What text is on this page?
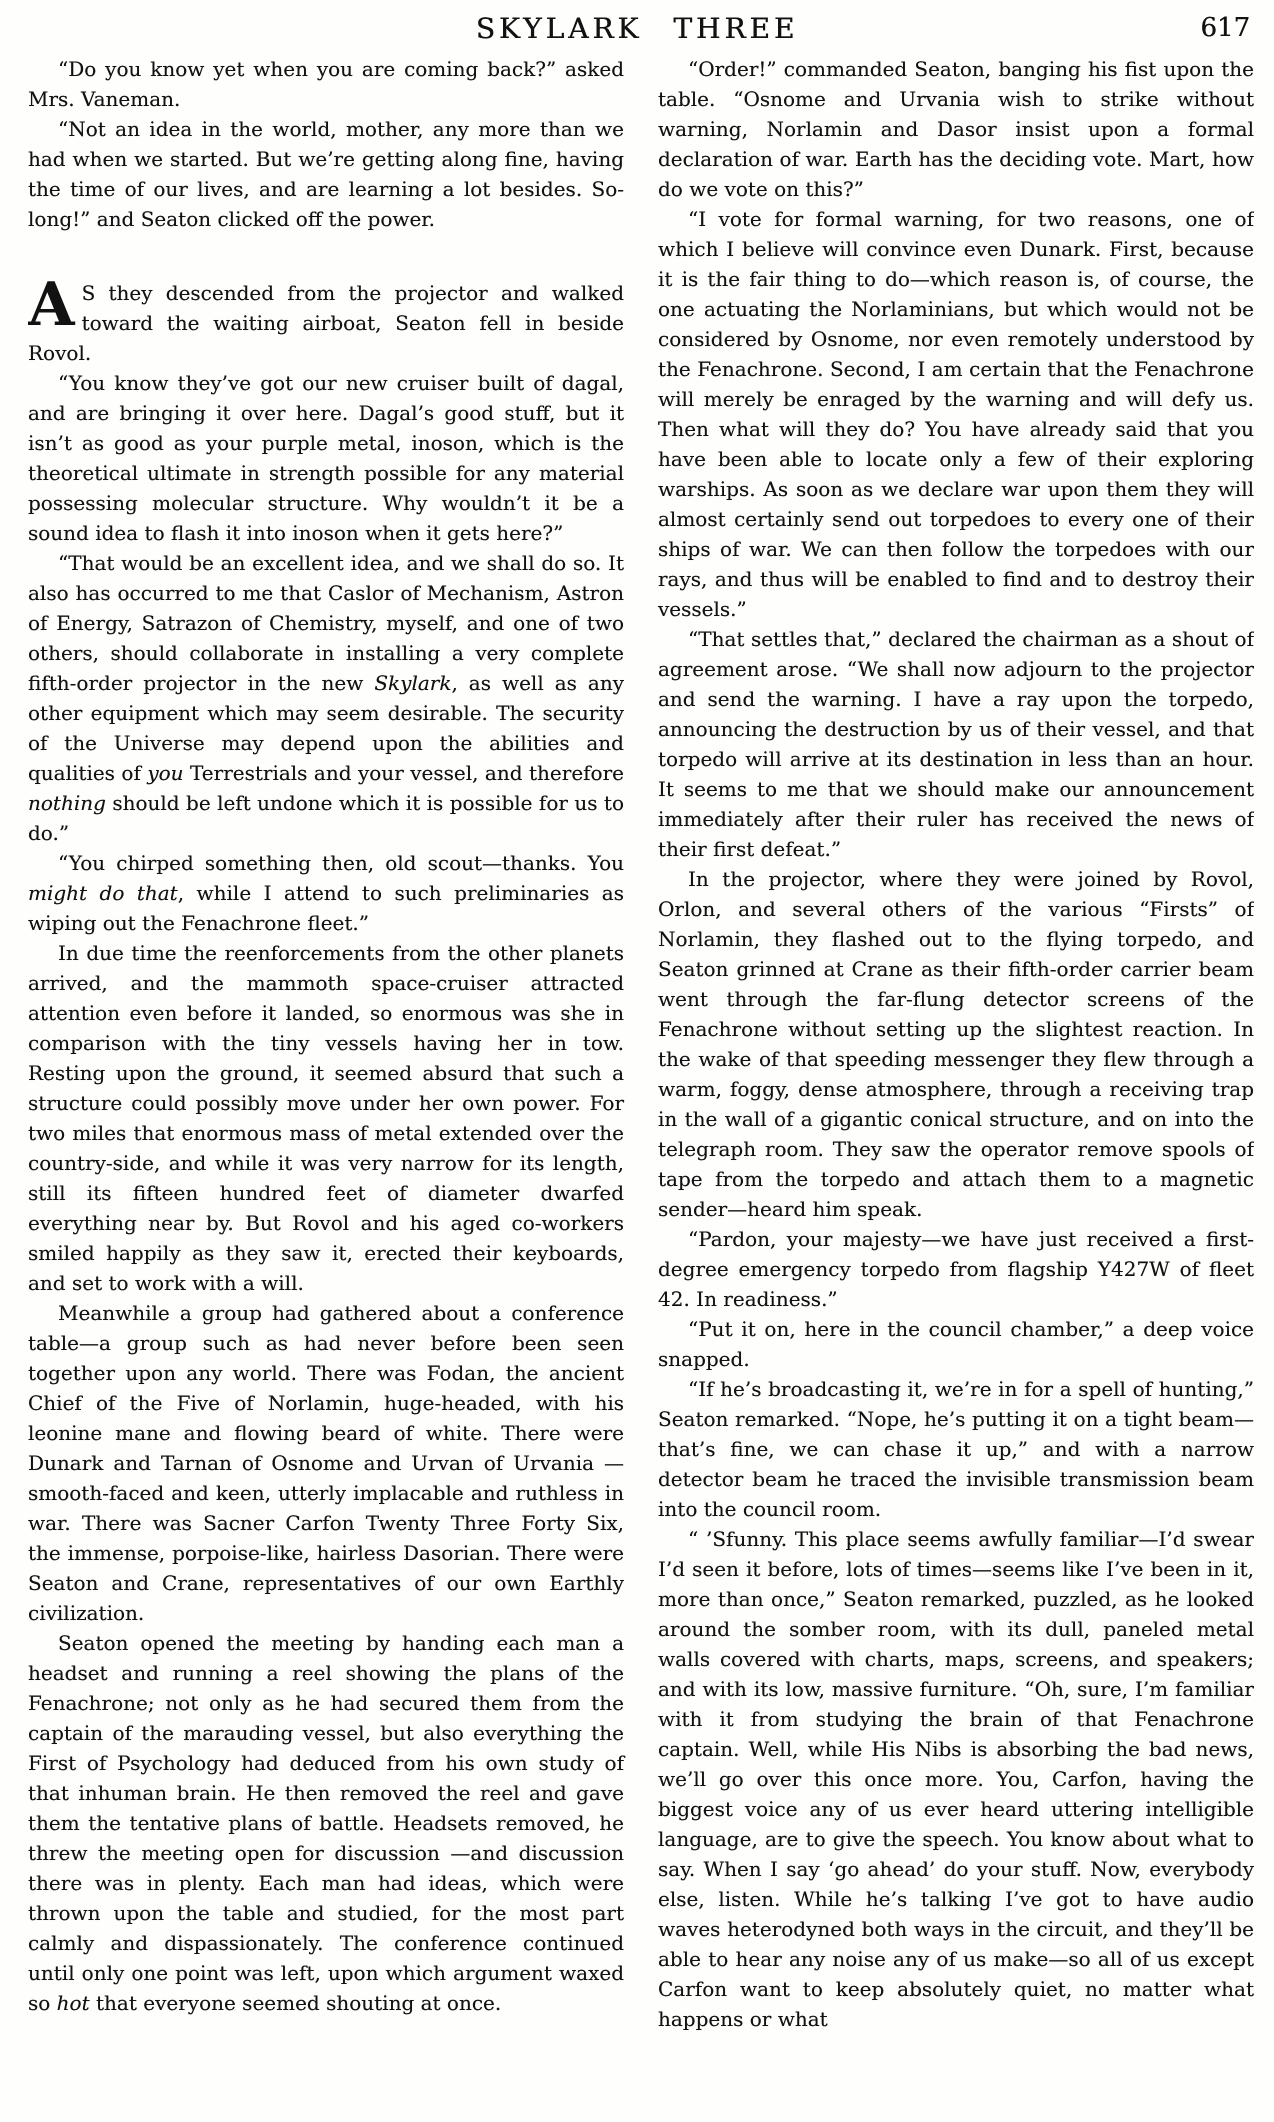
SKYLARK THREE	617

“Do you know yet when you are coming back?” asked Mrs. Vaneman.

“Not an idea in the world, mother, any more than we had when we started. But we’re getting along fine, having the time of our lives, and are learning a lot besides. So-long!” and Seaton clicked off the power.

A S they descended from the projector and walked toward the waiting airboat, Seaton fell in beside Rovol.

“You know they’ve got our new cruiser built of dagal, and are bringing it over here. Dagal’s good stuff, but it isn’t as good as your purple metal, inoson, which is the theoretical ultimate in strength possible for any material possessing molecular structure. Why wouldn’t it be a sound idea to flash it into inoson when it gets here?”

“That would be an excellent idea, and we shall do so. It also has occurred to me that Caslor of Mechanism, Astron of Energy, Satrazon of Chemistry, myself, and one of two others, should collaborate in installing a very complete fifth-order projector in the new Skylark, as well as any other equipment which may seem desirable. The security of the Universe may depend upon the abilities and qualities of you Terrestrials and your vessel, and therefore nothing should be left undone which it is possible for us to do.”

“You chirped something then, old scout—thanks. You might do that, while I attend to such preliminaries as wiping out the Fenachrone fleet.”

In due time the reenforcements from the other planets arrived, and the mammoth space-cruiser attracted attention even before it landed, so enormous was she in comparison with the tiny vessels having her in tow. Resting upon the ground, it seemed absurd that such a structure could possibly move under her own power. For two miles that enormous mass of metal extended over the country-side, and while it was very narrow for its length, still its fifteen hundred feet of diameter dwarfed everything near by. But Rovol and his aged co-workers smiled happily as they saw it, erected their keyboards, and set to work with a will.

Meanwhile a group had gathered about a conference table—a group such as had never before been seen together upon any world. There was Fodan, the ancient Chief of the Five of Norlamin, huge-headed, with his leonine mane and flowing beard of white. There were Dunark and Tarnan of Osnome and Urvan of Urvania —smooth-faced and keen, utterly implacable and ruthless in war. There was Sacner Carfon Twenty Three Forty Six, the immense, porpoise-like, hairless Dasorian. There were Seaton and Crane, representatives of our own Earthly civilization.

Seaton opened the meeting by handing each man a headset and running a reel showing the plans of the Fenachrone; not only as he had secured them from the captain of the marauding vessel, but also everything the First of Psychology had deduced from his own study of that inhuman brain. He then removed the reel and gave them the tentative plans of battle. Headsets removed, he threw the meeting open for discussion —and discussion there was in plenty. Each man had ideas, which were thrown upon the table and studied, for the most part calmly and dispassionately. The conference continued until only one point was left, upon which argument waxed so hot that everyone seemed shouting at once.

“Order!” commanded Seaton, banging his fist upon the table. “Osnome and Urvania wish to strike without warning, Norlamin and Dasor insist upon a formal declaration of war. Earth has the deciding vote. Mart, how do we vote on this?”

“I vote for formal warning, for two reasons, one of which I believe will convince even Dunark. First, because it is the fair thing to do—which reason is, of course, the one actuating the Norlaminians, but which would not be considered by Osnome, nor even remotely understood by the Fenachrone. Second, I am certain that the Fenachrone will merely be enraged by the warning and will defy us. Then what will they do? You have already said that you have been able to locate only a few of their exploring warships. As soon as we declare war upon them they will almost certainly send out torpedoes to every one of their ships of war. We can then follow the torpedoes with our rays, and thus will be enabled to find and to destroy their vessels.”

“That settles that,” declared the chairman as a shout of agreement arose. “We shall now adjourn to the projector and send the warning. I have a ray upon the torpedo, announcing the destruction by us of their vessel, and that torpedo will arrive at its destination in less than an hour. It seems to me that we should make our announcement immediately after their ruler has received the news of their first defeat.”

In the projector, where they were joined by Rovol, Orlon, and several others of the various “Firsts” of Norlamin, they flashed out to the flying torpedo, and Seaton grinned at Crane as their fifth-order carrier beam went through the far-flung detector screens of the Fenachrone without setting up the slightest reaction. In the wake of that speeding messenger they flew through a warm, foggy, dense atmosphere, through a receiving trap in the wall of a gigantic conical structure, and on into the telegraph room. They saw the operator remove spools of tape from the torpedo and attach them to a magnetic sender—heard him speak.

“Pardon, your majesty—we have just received a first-degree emergency torpedo from flagship Y427W of fleet 42. In readiness.”

“Put it on, here in the council chamber,” a deep voice snapped.

“If he’s broadcasting it, we’re in for a spell of hunting,” Seaton remarked. “Nope, he’s putting it on a tight beam—that’s fine, we can chase it up,” and with a narrow detector beam he traced the invisible transmission beam into the council room.

“ ’Sfunny. This place seems awfully familiar—I’d swear I’d seen it before, lots of times—seems like I’ve been in it, more than once,” Seaton remarked, puzzled, as he looked around the somber room, with its dull, paneled metal walls covered with charts, maps, screens, and speakers; and with its low, massive furniture. “Oh, sure, I’m familiar with it from studying the brain of that Fenachrone captain. Well, while His Nibs is absorbing the bad news, we’ll go over this once more. You, Carfon, having the biggest voice any of us ever heard uttering intelligible language, are to give the speech. You know about what to say. When I say ‘go ahead’ do your stuff. Now, everybody else, listen. While he’s talking I’ve got to have audio waves heterodyned both ways in the circuit, and they’ll be able to hear any noise any of us make—so all of us except Carfon want to keep absolutely quiet, no matter what happens or what
